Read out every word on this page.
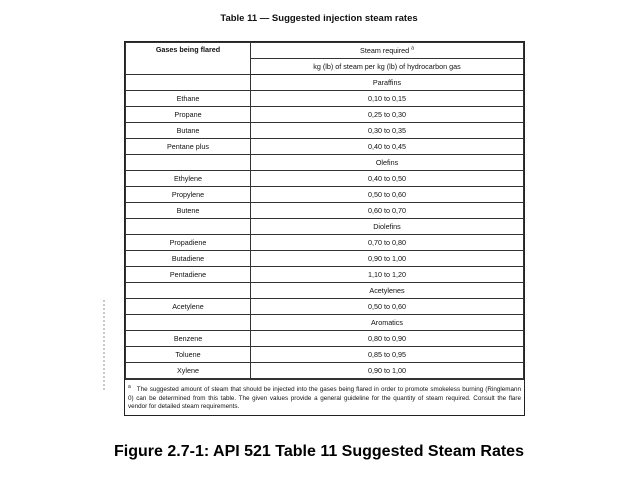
Table 11 — Suggested injection steam rates
Gases being flared	Steam required $^a$
	kg (lb) of steam per kg (lb) of hydrocarbon gas
	Paraffins
Ethane	0,10 to 0,15
Propane	0,25 to 0,30
Butane	0,30 to 0,35
Pentane plus	0,40 to 0,45
	Olefins
Ethylene	0,40 to 0,50
Propylene	0,50 to 0,60
Butene	0,60 to 0,70
	Diolefins
Propadiene	0,70 to 0,80
Butadiene	0,90 to 1,00
Pentadiene	1,10 to 1,20
	Acetylenes
Acetylene	0,50 to 0,60
	Aromatics
Benzene	0,80 to 0,90
Toluene	0,85 to 0,95
Xylene	0,90 to 1,00
$^a$ The suggested amount of steam that should be injected into the gases being flared in order to promote smokeless burning (Ringlemann 0) can be determined from this table. The given values provide a general guideline for the quantity of steam required. Consult the flare vendor for detailed steam requirements.
Figure 2.7-1: API 521 Table 11 Suggested Steam Rates
